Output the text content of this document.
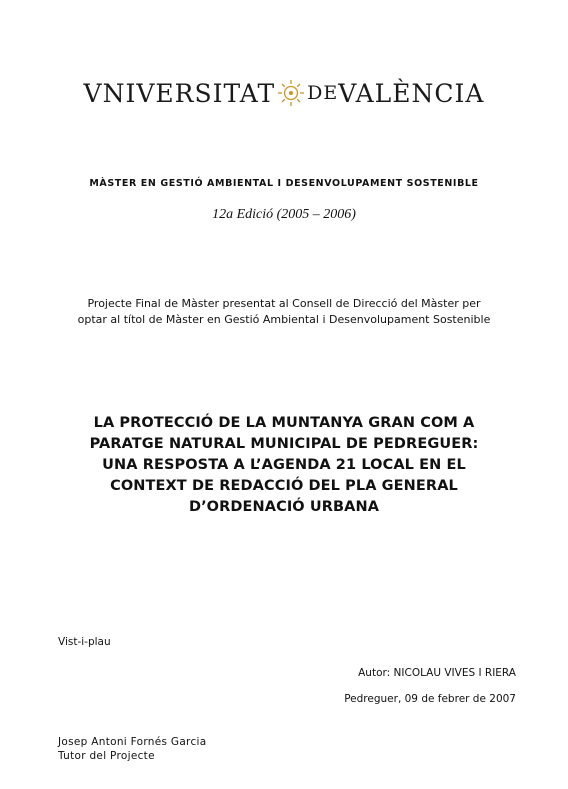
VNIVERSITAT DE VALÈNCIA
MÀSTER EN GESTIÓ AMBIENTAL I DESENVOLUPAMENT SOSTENIBLE
12a Edició (2005 – 2006)
Projecte Final de Màster presentat al Consell de Direcció del Màster per
optar al títol de Màster en Gestió Ambiental i Desenvolupament Sostenible
LA PROTECCIÓ DE LA MUNTANYA GRAN COM A
PARATGE NATURAL MUNICIPAL DE PEDREGUER:
UNA RESPOSTA A L’AGENDA 21 LOCAL EN EL
CONTEXT DE REDACCIÓ DEL PLA GENERAL
D’ORDENACIÓ URBANA
Vist-i-plau
Autor: NICOLAU VIVES I RIERA
Pedreguer, 09 de febrer de 2007
Josep Antoni Fornés Garcia
Tutor del Projecte
